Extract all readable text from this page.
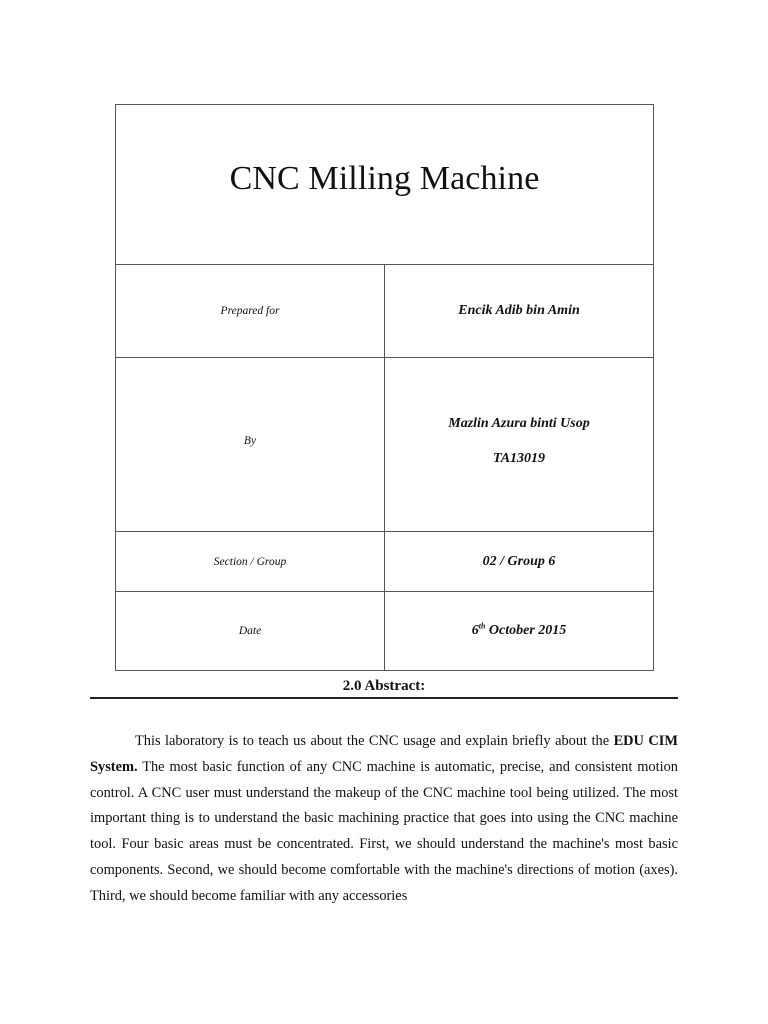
CNC Milling Machine	
Prepared for	Encik Adib bin Amin
By	Mazlin Azura binti Usop
TA13019

Section / Group	02 / Group 6
Date	6th October 2015
2.0 Abstract:

This laboratory is to teach us about the CNC usage and explain briefly about the EDU CIM System. The most basic function of any CNC machine is automatic, precise, and consistent motion control. A CNC user must understand the makeup of the CNC machine tool being utilized. The most important thing is to understand the basic machining practice that goes into using the CNC machine tool. Four basic areas must be concentrated. First, we should understand the machine's most basic components. Second, we should become comfortable with the machine's directions of motion (axes). Third, we should become familiar with any accessories
